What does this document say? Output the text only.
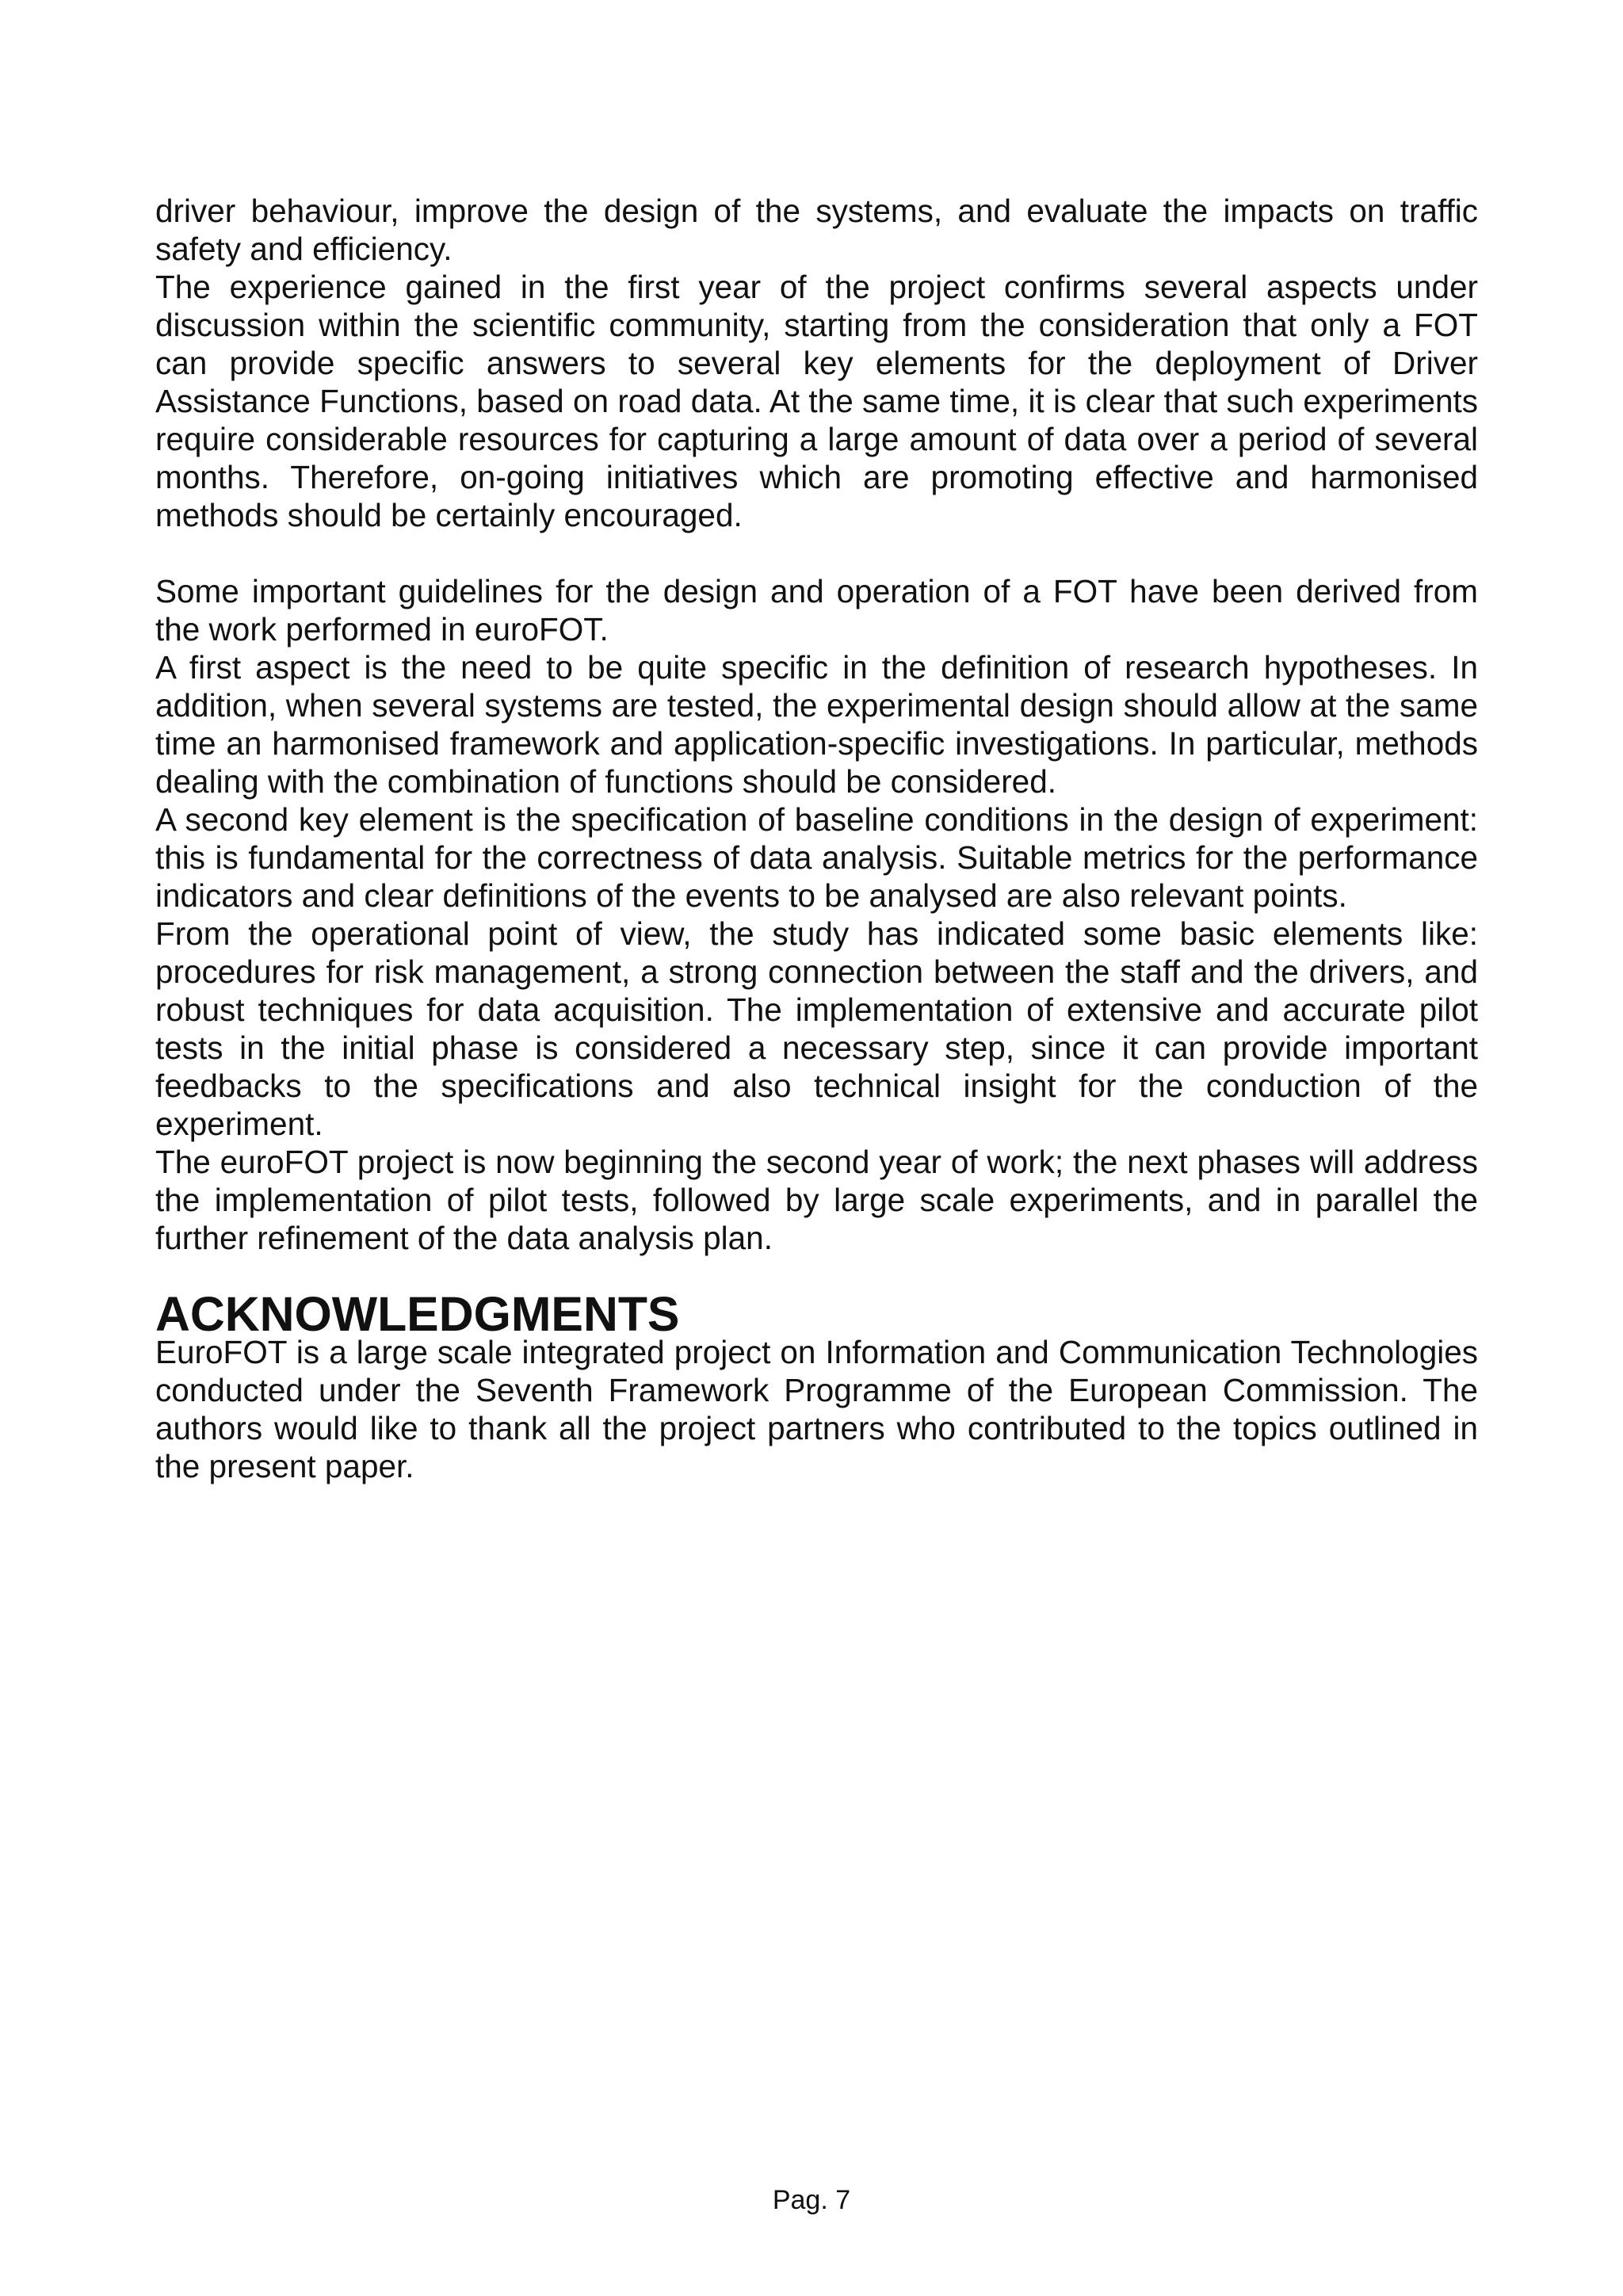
driver behaviour, improve the design of the systems, and evaluate the impacts on traffic safety and efficiency.

The experience gained in the first year of the project confirms several aspects under discussion within the scientific community, starting from the consideration that only a FOT can provide specific answers to several key elements for the deployment of Driver Assistance Functions, based on road data. At the same time, it is clear that such experiments require considerable resources for capturing a large amount of data over a period of several months. Therefore, on-going initiatives which are promoting effective and harmonised methods should be certainly encouraged.

Some important guidelines for the design and operation of a FOT have been derived from the work performed in euroFOT.

A first aspect is the need to be quite specific in the definition of research hypotheses. In addition, when several systems are tested, the experimental design should allow at the same time an harmonised framework and application-specific investigations. In particular, methods dealing with the combination of functions should be considered.

A second key element is the specification of baseline conditions in the design of experiment: this is fundamental for the correctness of data analysis. Suitable metrics for the performance indicators and clear definitions of the events to be analysed are also relevant points.

From the operational point of view, the study has indicated some basic elements like: procedures for risk management, a strong connection between the staff and the drivers, and robust techniques for data acquisition. The implementation of extensive and accurate pilot tests in the initial phase is considered a necessary step, since it can provide important feedbacks to the specifications and also technical insight for the conduction of the experiment.

The euroFOT project is now beginning the second year of work; the next phases will address the implementation of pilot tests, followed by large scale experiments, and in parallel the further refinement of the data analysis plan.

ACKNOWLEDGMENTS

EuroFOT is a large scale integrated project on Information and Communication Technologies conducted under the Seventh Framework Programme of the European Commission. The authors would like to thank all the project partners who contributed to the topics outlined in the present paper.

Pag. 7
